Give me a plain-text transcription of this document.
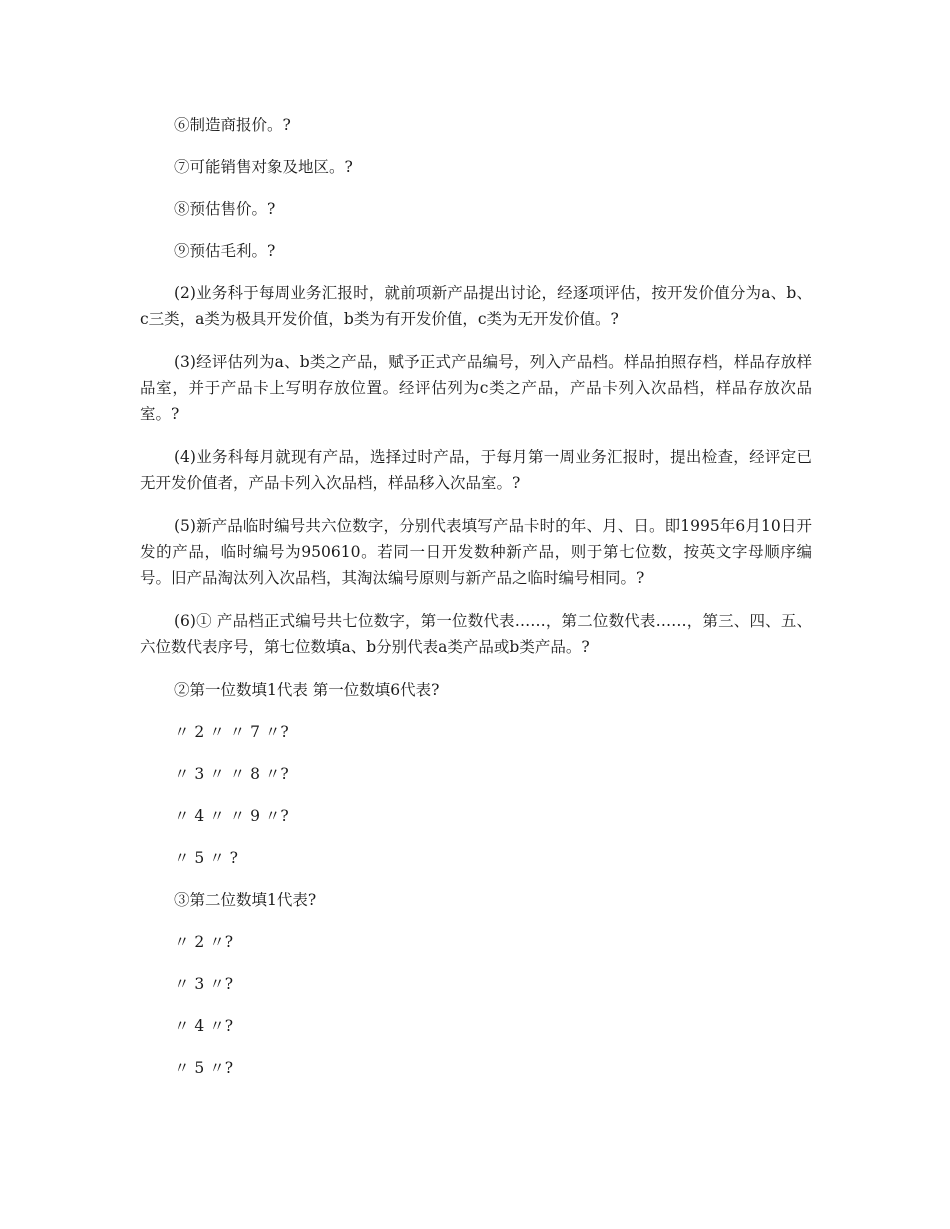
⑥制造商报价。?

⑦可能销售对象及地区。?

⑧预估售价。?

⑨预估毛利。?

(2)业务科于每周业务汇报时，就前项新产品提出讨论，经逐项评估，按开发价值分为a、b、c三类，a类为极具开发价值，b类为有开发价值，c类为无开发价值。?

(3)经评估列为a、b类之产品，赋予正式产品编号，列入产品档。样品拍照存档，样品存放样品室，并于产品卡上写明存放位置。经评估列为c类之产品，产品卡列入次品档，样品存放次品室。?

(4)业务科每月就现有产品，选择过时产品，于每月第一周业务汇报时，提出检查，经评定已无开发价值者，产品卡列入次品档，样品移入次品室。?

(5)新产品临时编号共六位数字，分别代表填写产品卡时的年、月、日。即1995年6月10日开发的产品，临时编号为950610。若同一日开发数种新产品，则于第七位数，按英文字母顺序编号。旧产品淘汰列入次品档，其淘汰编号原则与新产品之临时编号相同。?

(6)① 产品档正式编号共七位数字，第一位数代表……，第二位数代表……，第三、四、五、六位数代表序号，第七位数填a、b分别代表a类产品或b类产品。?

②第一位数填1代表 第一位数填6代表?

〃 2 〃 〃 7 〃?

〃 3 〃 〃 8 〃?

〃 4 〃 〃 9 〃?

〃 5 〃 ?

③第二位数填1代表?

〃 2 〃?

〃 3 〃?

〃 4 〃?

〃 5 〃?
